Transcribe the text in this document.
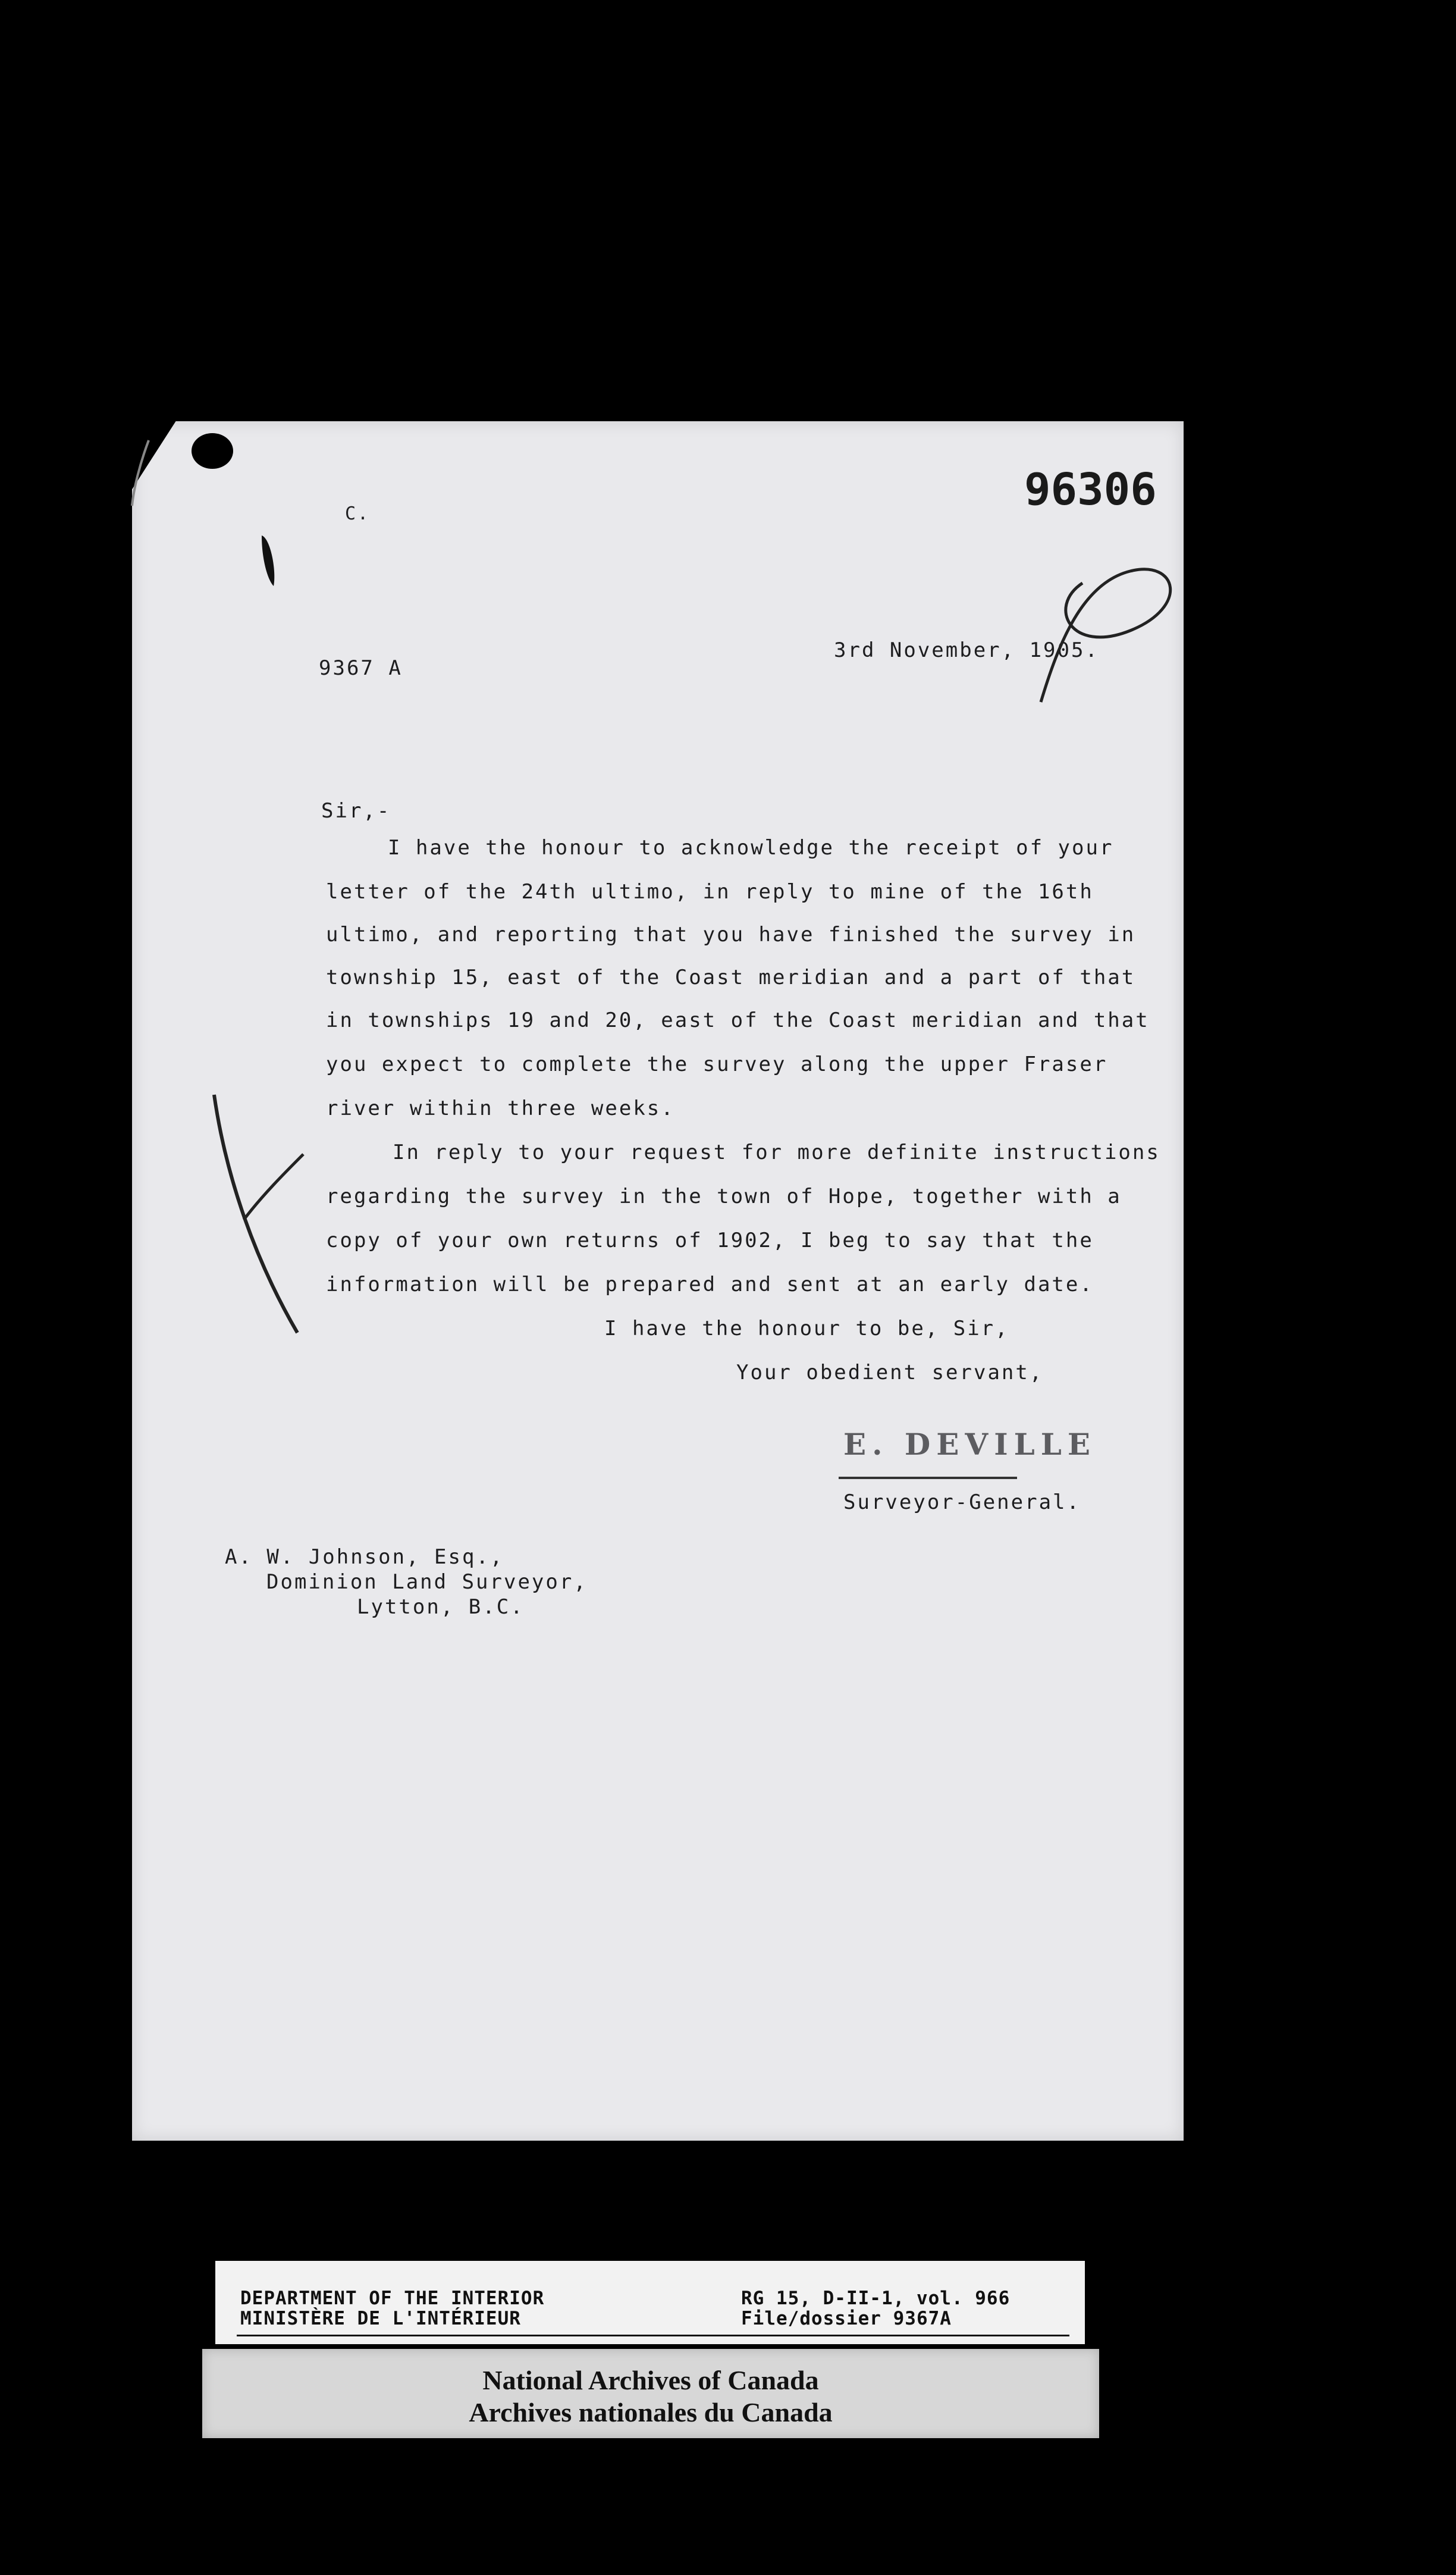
96306
C.
9367 A
3rd November, 1905.
Sir,-
I have the honour to acknowledge the receipt of your
letter of the 24th ultimo, in reply to mine of the 16th
ultimo, and reporting that you have finished the survey in
township 15, east of the Coast meridian and a part of that
in townships 19 and 20, east of the Coast meridian and that
you expect to complete the survey along the upper Fraser
river within three weeks.
In reply to your request for more definite instructions
regarding the survey in the town of Hope, together with a
copy of your own returns of 1902, I beg to say that the
information will be prepared and sent at an early date.
I have the honour to be, Sir,
Your obedient servant,
E. DEVILLE
Surveyor-General.
A. W. Johnson, Esq.,
Dominion Land Surveyor,
Lytton, B.C.
DEPARTMENT OF THE INTERIOR
MINISTÈRE DE L'INTÉRIEUR
RG 15, D-II-1, vol. 966
File/dossier 9367A
National Archives of Canada
Archives nationales du Canada
